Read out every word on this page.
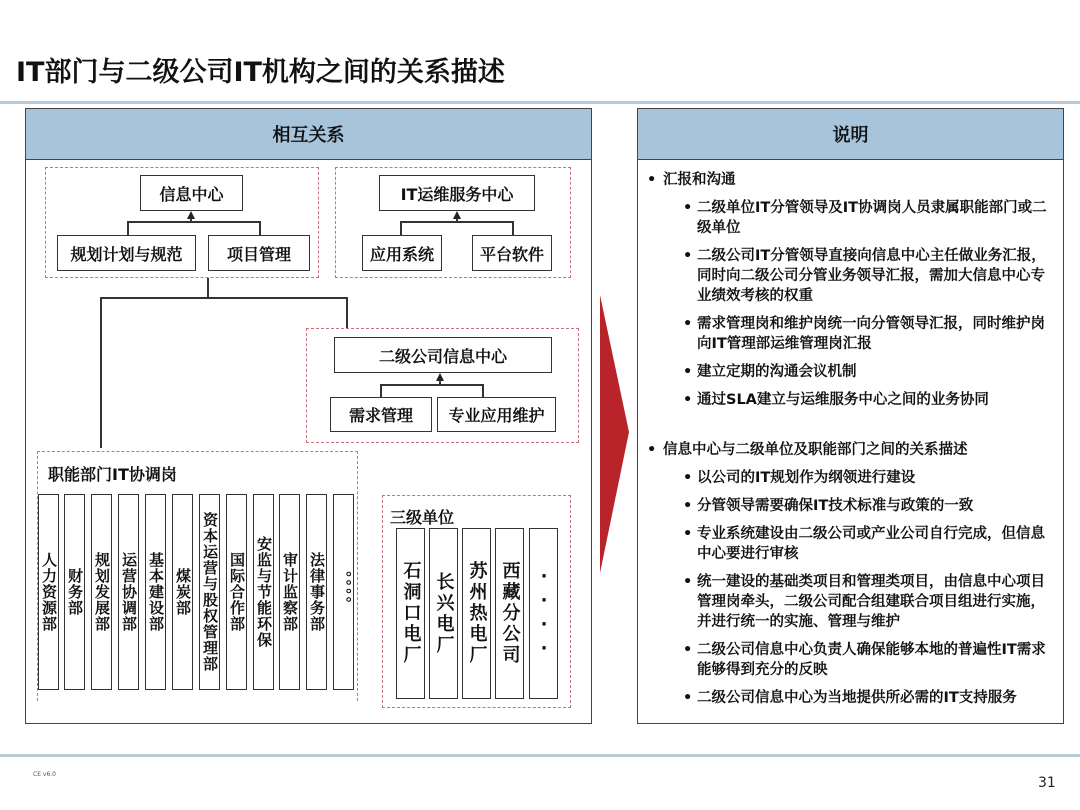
IT部门与二级公司IT机构之间的关系描述
相互关系
信息中心
规划计划与规范	项目管理
IT运维服务中心
应用系统	平台软件
二级公司信息中心
需求管理	专业应用维护
职能部门IT协调岗
三级单位
说明
• 汇报和沟通
• 二级单位IT分管领导及IT协调岗人员隶属职能部门或二级单位
• 二级公司IT分管领导直接向信息中心主任做业务汇报，同时向二级公司分管业务领导汇报，需加大信息中心专业绩效考核的权重
• 需求管理岗和维护岗统一向分管领导汇报，同时维护岗向IT管理部运维管理岗汇报
• 建立定期的沟通会议机制
• 通过SLA建立与运维服务中心之间的业务协同
• 信息中心与二级单位及职能部门之间的关系描述
• 以公司的IT规划作为纲领进行建设
• 分管领导需要确保IT技术标准与政策的一致
• 专业系统建设由二级公司或产业公司自行完成，但信息中心要进行审核
• 统一建设的基础类项目和管理类项目，由信息中心项目管理岗牵头，二级公司配合组建联合项目组进行实施，并进行统一的实施、管理与维护
• 二级公司信息中心负责人确保能够本地的普遍性IT需求能够得到充分的反映
• 二级公司信息中心为当地提供所必需的IT支持服务
CE v6.0
31
人力资源部 财务部 规划发展部 运营协调部 基本建设部 煤炭部 资本运营与股权管理部 国际合作部 安监与节能环保 审计监察部 法律事务部 。。。。	石洞口电厂 长兴电厂 苏州热电厂 西藏分公司 ····
